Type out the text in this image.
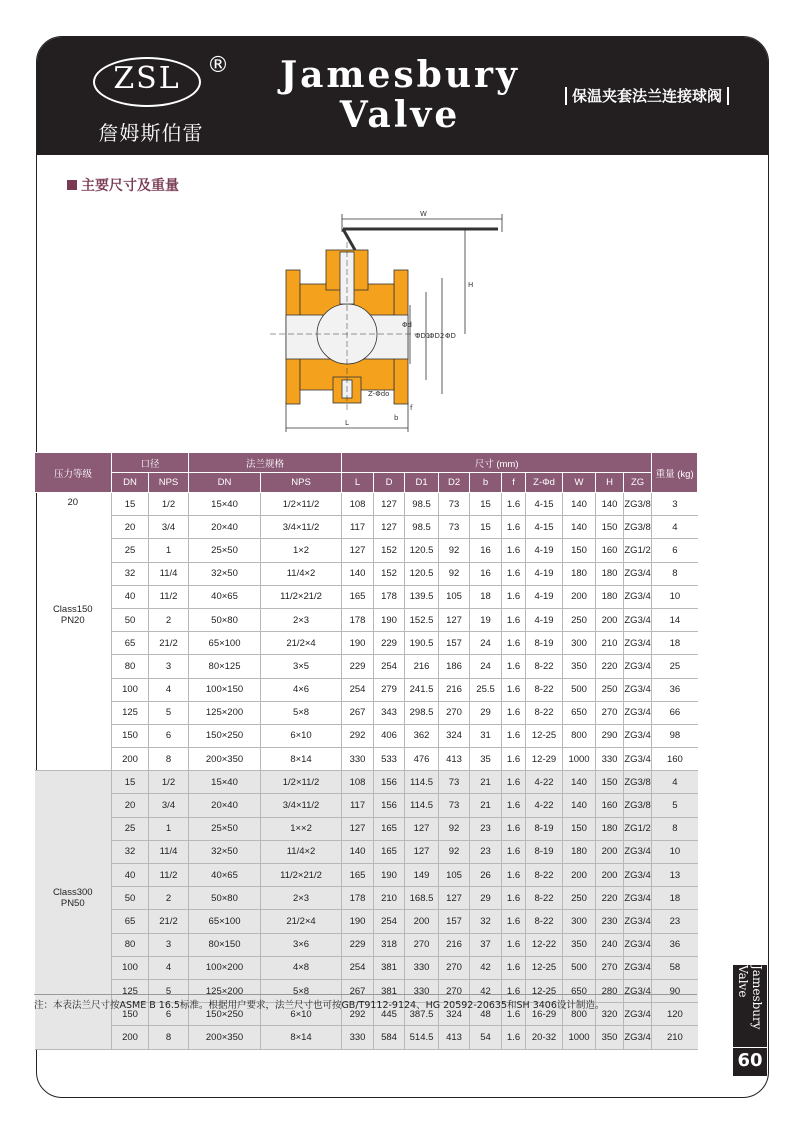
ZSL	®
詹姆斯伯雷
Jamesbury
Valve	保温夹套法兰连接球阀
主要尺寸及重量
W
H
L
b
f
Φd
ΦD1
ΦD2 ΦD
Z-Φdo
压力等级	口径		法兰规格		尺寸 (mm)										重量 (kg)
	DN	NPS	DN	NPS	L	D	D1	D2	b	f	Z-Φd	W	H	ZG	

20
Class150
PN20	15	1/2	15×40	1/2×11/2	108	127	98.5	73	15	1.6	4-15	140	140	ZG3/8	3
	20	3/4	20×40	3/4×11/2	117	127	98.5	73	15	1.6	4-15	140	150	ZG3/8	4
	25	1	25×50	1×2	127	152	120.5	92	16	1.6	4-19	150	160	ZG1/2	6
	32	11/4	32×50	11/4×2	140	152	120.5	92	16	1.6	4-19	180	180	ZG3/4	8
	40	11/2	40×65	11/2×21/2	165	178	139.5	105	18	1.6	4-19	200	180	ZG3/4	10
	50	2	50×80	2×3	178	190	152.5	127	19	1.6	4-19	250	200	ZG3/4	14
	65	21/2	65×100	21/2×4	190	229	190.5	157	24	1.6	8-19	300	210	ZG3/4	18
	80	3	80×125	3×5	229	254	216	186	24	1.6	8-22	350	220	ZG3/4	25
	100	4	100×150	4×6	254	279	241.5	216	25.5	1.6	8-22	500	250	ZG3/4	36
	125	5	125×200	5×8	267	343	298.5	270	29	1.6	8-22	650	270	ZG3/4	66
	150	6	150×250	6×10	292	406	362	324	31	1.6	12-25	800	290	ZG3/4	98
	200	8	200×350	8×14	330	533	476	413	35	1.6	12-29	1000	330	ZG3/4	160

Class300
PN50	15	1/2	15×40	1/2×11/2	108	156	114.5	73	21	1.6	4-22	140	150	ZG3/8	4
	20	3/4	20×40	3/4×11/2	117	156	114.5	73	21	1.6	4-22	140	160	ZG3/8	5
	25	1	25×50	1××2	127	165	127	92	23	1.6	8-19	150	180	ZG1/2	8
	32	11/4	32×50	11/4×2	140	165	127	92	23	1.6	8-19	180	200	ZG3/4	10
	40	11/2	40×65	11/2×21/2	165	190	149	105	26	1.6	8-22	200	200	ZG3/4	13
	50	2	50×80	2×3	178	210	168.5	127	29	1.6	8-22	250	220	ZG3/4	18
	65	21/2	65×100	21/2×4	190	254	200	157	32	1.6	8-22	300	230	ZG3/4	23
	80	3	80×150	3×6	229	318	270	216	37	1.6	12-22	350	240	ZG3/4	36
	100	4	100×200	4×8	254	381	330	270	42	1.6	12-25	500	270	ZG3/4	58
	125	5	125×200	5×8	267	381	330	270	42	1.6	12-25	650	280	ZG3/4	90
	150	6	150×250	6×10	292	445	387.5	324	48	1.6	16-29	800	320	ZG3/4	120
	200	8	200×350	8×14	330	584	514.5	413	54	1.6	20-32	1000	350	ZG3/4	210
注：本表法兰尺寸按ASME B 16.5标准。根据用户要求，法兰尺寸也可按GB/T9112-9124、HG 20592-20635和SH 3406设计制造。	Jamesbury Valve
60
